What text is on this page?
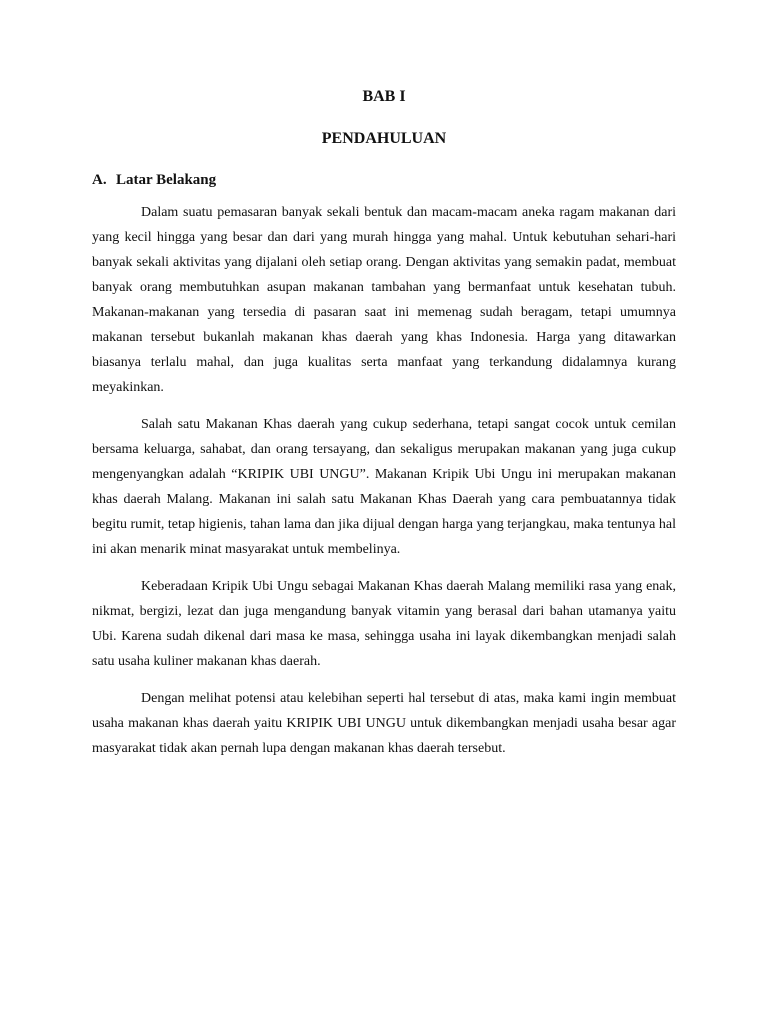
BAB I
PENDAHULUAN
A. Latar Belakang

Dalam suatu pemasaran banyak sekali bentuk dan macam-macam aneka ragam makanan dari yang kecil hingga yang besar dan dari yang murah hingga yang mahal. Untuk kebutuhan sehari-hari banyak sekali aktivitas yang dijalani oleh setiap orang. Dengan aktivitas yang semakin padat, membuat banyak orang membutuhkan asupan makanan tambahan yang bermanfaat untuk kesehatan tubuh. Makanan-makanan yang tersedia di pasaran saat ini memenag sudah beragam, tetapi umumnya makanan tersebut bukanlah makanan khas daerah yang khas Indonesia. Harga yang ditawarkan biasanya terlalu mahal, dan juga kualitas serta manfaat yang terkandung didalamnya kurang meyakinkan.

Salah satu Makanan Khas daerah yang cukup sederhana, tetapi sangat cocok untuk cemilan bersama keluarga, sahabat, dan orang tersayang, dan sekaligus merupakan makanan yang juga cukup mengenyangkan adalah “KRIPIK UBI UNGU”. Makanan Kripik Ubi Ungu ini merupakan makanan khas daerah Malang. Makanan ini salah satu Makanan Khas Daerah yang cara pembuatannya tidak begitu rumit, tetap higienis, tahan lama dan jika dijual dengan harga yang terjangkau, maka tentunya hal ini akan menarik minat masyarakat untuk membelinya.

Keberadaan Kripik Ubi Ungu sebagai Makanan Khas daerah Malang memiliki rasa yang enak, nikmat, bergizi, lezat dan juga mengandung banyak vitamin yang berasal dari bahan utamanya yaitu Ubi. Karena sudah dikenal dari masa ke masa, sehingga usaha ini layak dikembangkan menjadi salah satu usaha kuliner makanan khas daerah.

Dengan melihat potensi atau kelebihan seperti hal tersebut di atas, maka kami ingin membuat usaha makanan khas daerah yaitu KRIPIK UBI UNGU untuk dikembangkan menjadi usaha besar agar masyarakat tidak akan pernah lupa dengan makanan khas daerah tersebut.
